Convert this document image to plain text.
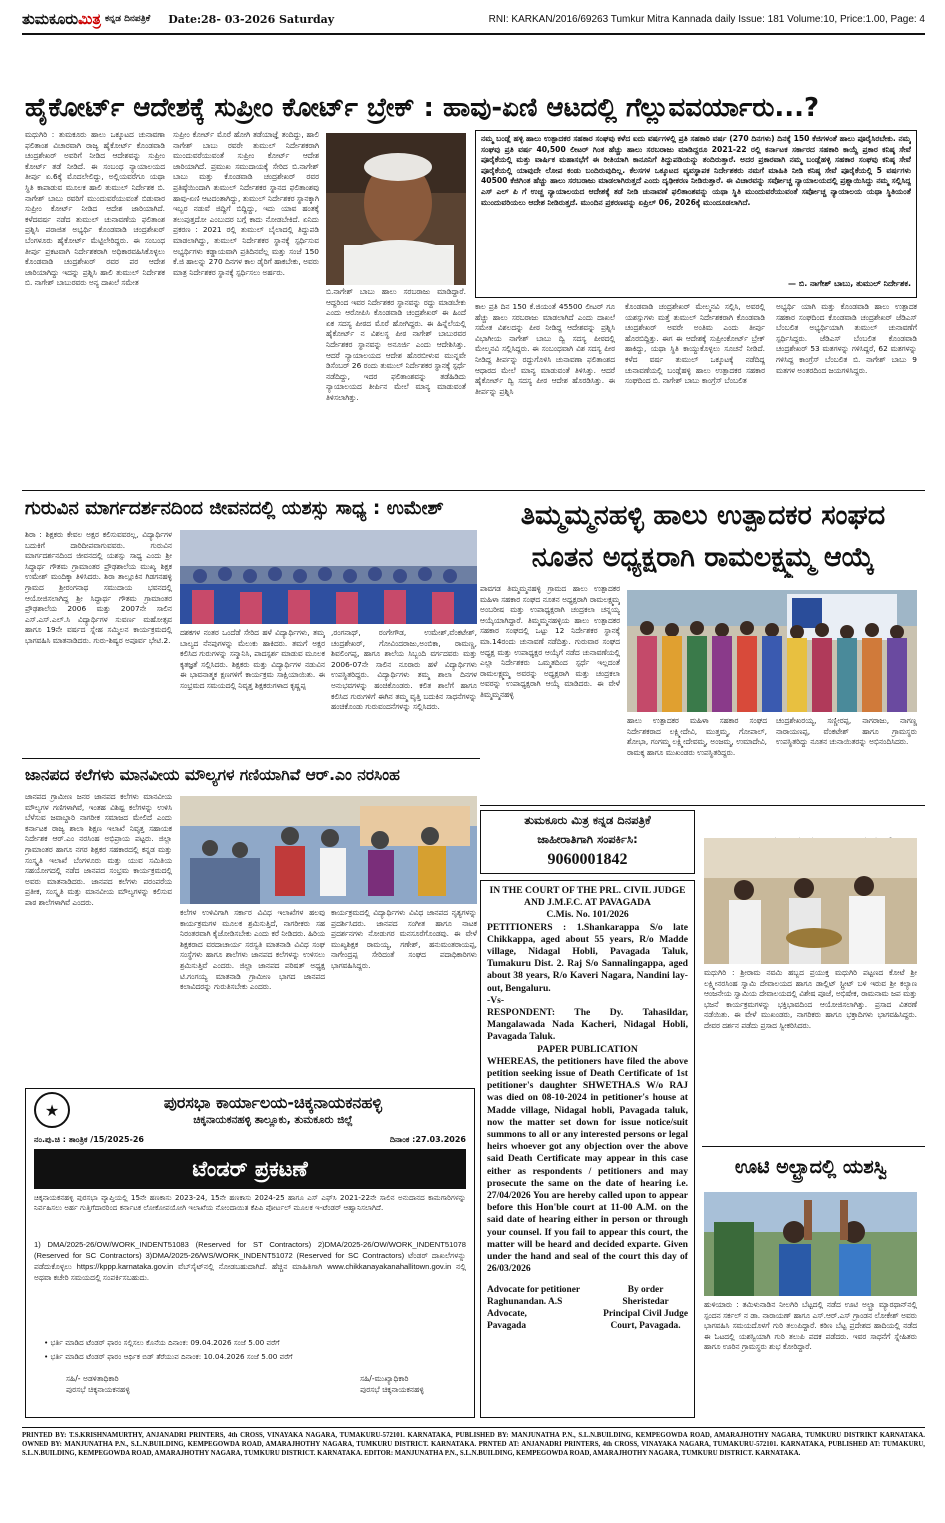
ತುಮಕೂರುಮಿತ್ರ ಕನ್ನಡ ದಿನಪತ್ರಿಕೆ Date:28- 03-2026 Saturday	RNI: KARKAN/2016/69263 Tumkur Mitra Kannada daily Issue: 181 Volume:10, Price:1.00, Page: 4
ಹೈಕೋರ್ಟ್ ಆದೇಶಕ್ಕೆ ಸುಪ್ರೀಂ ಕೋರ್ಟ್ ಬ್ರೇಕ್ : ಹಾವು-ಏಣಿ ಆಟದಲ್ಲಿ ಗೆಲ್ಲುವವರ್ಯಾರು...?
ಮಧುಗಿರಿ : ತುಮಕೂರು ಹಾಲು ಒಕ್ಕೂಟದ ಚುನಾವಣಾ ಫಲಿತಾಂಶ ವಿಚಾರವಾಗಿ ರಾಜ್ಯ ಹೈಕೋರ್ಟ್ ಕೊಂಡವಾಡಿ ಚಂದ್ರಶೇಖರ್ ಅವರಿಗೆ ನೀಡಿದ ಆದೇಶವನ್ನು ಸುಪ್ರೀಂ ಕೋರ್ಟ್ ತಡೆ ನೀಡಿದೆ. ಈ ಸಂಬಂಧ ನ್ಯಾಯಾಲಯದ ತೀರ್ಪು ಏ.6ಕ್ಕೆ ಮೊದಲೇಲಿದ್ದು, ಅಲ್ಲಿಯವರೆಗೂ ಯಥಾ ಸ್ಥಿತಿ ಕಾಪಾಡುವ ಮೂಲಕ ಹಾಲಿ ತುಮುಲ್ ನಿರ್ದೇಶಕ ಬಿ. ನಾಗೇಶ್ ಬಾಬು ರವರಿಗೆ ಮುಂದುವರೆಯುವಂತೆ ಬಿಡುವಾರ ಸುಪ್ರೀಂ ಕೋರ್ಟ್ ನೀಡಿದ ಆದೇಶ ಜಾರಿಯಾಗಿದೆ. ಕಳೆದವರ್ಷ ನಡೆದ ತುಮುಲ್ ಚುನಾವಣೆಯ ಫಲಿತಾಂಶ ಪ್ರಶ್ನಿಸಿ ಪರಾಜಿತ ಅಭ್ಯರ್ಥಿ ಕೊಂಡವಾಡಿ ಚಂದ್ರಶೇಖರ್ ಬೆಂಗಳೂರು ಹೈಕೋರ್ಟ್ ಮೆಟ್ಟಿಲೇರಿದ್ದರು. ಈ ಸಂಬಂಧ ತೀರ್ಪು ಪ್ರಕಟವಾಗಿ ನಿರ್ದೇಶಕರಾಗಿ ಅಧಿಕಾರವಹಿಸಿಕೊಳ್ಳಲು ಕೊಂಡವಾಡಿ ಚಂದ್ರಶೇಖರ್ ರವರ ಪರ ಆದೇಶ ಜಾರಿಯಾಗಿದ್ದು ಇದನ್ನು ಪ್ರಶ್ನಿಸಿ ಹಾಲಿ ತುಮುಲ್ ನಿರ್ದೇಶಕ ಬಿ. ನಾಗೇಶ್ ಬಾಬುರವರು ಅನ್ಯ ದಾಖಲೆ ಸಮೇತ
ಸುಪ್ರೀಂ ಕೋರ್ಟ್ ಮೊರೆ ಹೋಗಿ ತಡೆಯಾಜ್ಞೆ ತಂದಿದ್ದು, ಹಾಲಿ ನಾಗೇಶ್ ಬಾಬು ರವರೇ ತುಮುಲ್ ನಿರ್ದೇಶಕರಾಗಿ ಮುಂದುವರೆಯುವಂತೆ ಸುಪ್ರೀಂ ಕೋರ್ಟ್ ಆದೇಶ ಜಾರಿಯಾಗಿದೆ. ಪ್ರಮುಖ ಸಮುದಾಯಕ್ಕೆ ಸೇರಿದ ಬಿ.ನಾಗೇಶ್ ಬಾಬು ಮತ್ತು ಕೊಂಡವಾಡಿ ಚಂದ್ರಶೇಖರ್ ರವರ ಪ್ರತಿಷ್ಠೆಯಿಂದಾಗಿ ತುಮುಲ್ ನಿರ್ದೇಶಕರ ಸ್ಥಾನದ ಫಲಿತಾಂಶವು ಹಾವು-ಏಣಿ ಆಟದಂತಾಗಿದ್ದು, ತುಮುಲ್ ನಿರ್ದೇಶಕರ ಸ್ಥಾನಕ್ಕಾಗಿ ಇಬ್ಬರ ನಡುವೆ ಜಿದ್ದಿಗೆ ಬಿದ್ದಿದ್ದು, ಇದು ಯಾವ ಹಂತಕ್ಕೆ ತಲುಪುತ್ತದೋ ಎಂಬುದರ ಬಗ್ಗೆ ಕಾದು ನೋಡಬೇಕಿದೆ. ಏನಿದು ಪ್ರಕರಣ : 2021 ರಲ್ಲಿ ತುಮುಲ್ ಬೈಲಾದಲ್ಲಿ ತಿದ್ದುಪಡಿ ಮಾಡಲಾಗಿದ್ದು, ತುಮುಲ್ ನಿರ್ದೇಶಕರ ಸ್ಥಾನಕ್ಕೆ ಸ್ಪರ್ಧಿಸುವ ಅಭ್ಯರ್ಥಿಗಳು ಕಡ್ಡಾಯವಾಗಿ ಪ್ರತಿದಿನವೆಲ್ಲ ಮತ್ತು ಸಂಜೆ 150 ಕೆ.ಜಿ ಹಾಲನ್ನು 270 ದಿನಗಳ ಕಾಲ ಡೈರಿಗೆ ಹಾಕಬೇಕು, ಅವರು ಮಾತ್ರ ನಿರ್ದೇಶಕರ ಸ್ಥಾನಕ್ಕೆ ಸ್ಪರ್ಧಿಸಲು ಅರ್ಹರು.
ಬಿ.ನಾಗೇಶ್ ಬಾಬು ಹಾಲು ಸರಬರಾಜು ಮಾಡಿದ್ದಾರೆ. ಆದ್ದರಿಂದ ಇವರ ನಿರ್ದೇಶಕರ ಸ್ಥಾನವನ್ನು ರದ್ದು ಮಾಡಬೇಕು ಎಂದು ಆರೋಪಿಸಿ ಕೊಂಡವಾಡಿ ಚಂದ್ರಶೇಖರ್ ಈ ಹಿಂದೆ ಏಕ ಸದಸ್ಯ ಪೀಠದ ಮೊರೆ ಹೋಗಿದ್ದರು. ಈ ಹಿನ್ನೆಲೆಯಲ್ಲಿ ಹೈಕೋರ್ಟ್ ನ ವಿಶಲಸ್ಥ ಪೀಠ ನಾಗೇಶ್ ಬಾಬುರವರ ನಿರ್ದೇಶಕರ ಸ್ಥಾನವನ್ನು ಅನೂರ್ಜಿ ಎಂದು ಆದೇಶಿಸಿತ್ತು. ಆದರೆ ನ್ಯಾಯಾಲಯದ ಆದೇಶ ಹೊರಬೀಳುವ ಮುನ್ನವೇ ಡಿಸೆಂಬರ್ 26 ರಂದು ತುಮುಲ್ ನಿರ್ದೇಶಕರ ಸ್ಥಾನಕ್ಕೆ ಸ್ಪರ್ಧೆ ನಡೆದಿದ್ದು, ಇದರ ಫಲಿತಾಂಶವನ್ನು ತಡೆಹಿಡಿದು ನ್ಯಾಯಾಲಯದ ತೀರ್ಪಿನ ಮೇಲೆ ಮಾನ್ಯ ಮಾಡುವಂತೆ ತಿಳಿಸಲಾಗಿತ್ತು.
ನಮ್ಮ ಬಂಡ್ಲೆ ಹಳ್ಳಿ ಹಾಲು ಉತ್ಪಾದಕರ ಸಹಕಾರ ಸಂಘವು ಕಳೆದ ಐದು ವರ್ಷಗಳಲ್ಲಿ ಪ್ರತಿ ಸಹಕಾರಿ ವರ್ಷ (270 ದಿನಗಳು) ದಿನಕ್ಕೆ 150 ಕೆಜಿಗಳಂತೆ ಹಾಲು ಪೂರೈಸಿರಬೇಕು. ನಮ್ಮ ಸಂಘವು ಪ್ರತಿ ವರ್ಷ 40,500 ಲೀಟರ್ ಗಿಂತ ಹೆಚ್ಚು ಹಾಲು ಸರಬರಾಜು ಮಾಡಿದ್ದರೂ 2021-22 ರಲ್ಲಿ ಕರ್ನಾಟಕ ಸರ್ಕಾರದ ಸಹಕಾರಿ ಕಾಯ್ದೆ ಪ್ರಕಾರ ಕನಿಷ್ಠ ಸೇವೆ ಪೂರೈಕೆಯಲ್ಲಿ ಮತ್ತು ವಾರ್ಷಿಕ ಮಹಾಸಭೆಗೆ ಈ ರೀತಿಯಾಗಿ ಕಾನೂನಿಗೆ ತಿದ್ದುಪಡಿಯನ್ನು ತಂದಿರುತ್ತಾರೆ. ಅದರ ಪ್ರಕಾರವಾಗಿ ನಮ್ಮ ಬಂಡ್ಲೆಹಳ್ಳಿ ಸಹಕಾರ ಸಂಘವು ಕನಿಷ್ಠ ಸೇವೆ ಪೂರೈಕೆಯಲ್ಲಿ ಯಾವುದೇ ಲೋಪ ಕಂಡು ಬಂದಿರುವುದಿಲ್ಲ. ಕೆಲಸಗಳ ಒಕ್ಕೂಟದ ವ್ಯವಸ್ಥಾಪಕ ನಿರ್ದೇಶಕರು ನಮಗೆ ಮಾಹಿತಿ ನೀಡಿ ಕನಿಷ್ಠ ಸೇವೆ ಪೂರೈಕೆಯಲ್ಲಿ 5 ವರ್ಷಗಳು 40500 ಕೆಜಿಗಿಂತ ಹೆಚ್ಚು ಹಾಲು ಸರಬರಾಜು ಮಾಡಲಾಗಿರುತ್ತದೆ ಎಂದು ದೃಢೀಕರಣ ನೀಡಿರುತ್ತಾರೆ. ಈ ವಿಚಾರವನ್ನು ಸರ್ವೋಚ್ಚ ನ್ಯಾಯಾಲಯದಲ್ಲಿ ಪ್ರಶ್ನಾಯಿಸಿದ್ದು ನಮ್ಮ ಸಲ್ಲಿಸಿದ್ದ ಎಸ್ ಎಲ್ ಪಿ ಗೆ ಉಚ್ಚ ನ್ಯಾಯಾಲಯದ ಆದೇಶಕ್ಕೆ ತಡೆ ನೀಡಿ ಚುನಾವಣೆ ಫಲಿತಾಂಶವನ್ನು ಯಥಾ ಸ್ಥಿತಿ ಮುಂದುವರೆಯುವಂತೆ ಸರ್ವೋಚ್ಚ ನ್ಯಾಯಾಲಯ ಯಥಾ ಸ್ಥಿತಿಯಂತೆ ಮುಂದುವರಿಯಲು ಆದೇಶ ನೀಡಿರುತ್ತದೆ. ಮುಂದಿನ ಪ್ರಕರಣವನ್ನು ಏಪ್ರಿಲ್ 06, 2026ಕ್ಕೆ ಮುಂದೂಡಲಾಗಿದೆ.
— ಬಿ. ನಾಗೇಶ್ ಬಾಬು, ತುಮುಲ್ ನಿರ್ದೇಶಕ.
ಕಾಲ ಪ್ರತಿ ದಿನ 150 ಕೆ.ಜಿಯಂತೆ 45500 ಲೀಟರ್ ಗೂ ಹೆಚ್ಚು ಹಾಲು ಸರಬರಾಜು ಮಾಡಲಾಗಿದೆ ಎಂದು ದಾಖಲೆ ಸಮೇತ ವಿಶಲದನ್ನು ಪೀಠ ನೀಡಿದ್ದ ಆದೇಶವನ್ನು ಪ್ರಶ್ನಿಸಿ ವಿಭಾಗೀಯ ನಾಗೇಶ್ ಬಾಬು ದ್ವಿ ಸದಸ್ಯ ಪೀಠದಲ್ಲಿ ಮೇಲ್ಮನವಿ ಸಲ್ಲಿಸಿದ್ದರು. ಈ ಸಂಬಂಧವಾಗಿ ವಿಶ ಸದಸ್ಯ ಪೀಠ ನೀಡಿದ್ದ ತೀರ್ಪನ್ನು ರದ್ದುಗೊಳಿಸಿ ಚುನಾವಣಾ ಫಲಿತಾಂಶದ ಆಧಾರದ ಮೇಲೆ ಮಾನ್ಯ ಮಾಡುವಂತೆ ತಿಳಿಸಿತ್ತು. ಆದರೆ ಹೈಕೋರ್ಟ್ ದ್ವಿ ಸದಸ್ಯ ಪೀಠ ಆದೇಶ ಹೊರಡಿಸಿತ್ತು. ಈ ತೀರ್ಪನ್ನು ಪ್ರಶ್ನಿಸಿ
ಕೊಂಡವಾಡಿ ಚಂದ್ರಶೇಖರ್ ಮೇಲ್ಮನವಿ ಸಲ್ಲಿಸಿ, ಅವರಲ್ಲಿ ಯಶಸ್ಸುಗಳು ಮತ್ತೆ ತುಮುಲ್ ನಿರ್ದೇಶಕರಾಗಿ ಕೊಂಡವಾಡಿ ಚಂದ್ರಶೇಖರ್ ಅವರೇ ಅಂತಿಮ ಎಂದು ತೀರ್ಪು ಹೊರಬಿದ್ದಿತ್ತು. ಈಗ ಈ ಆದೇಶಕ್ಕೆ ಸುಪ್ರೀಂಕೋರ್ಟ್ ಬ್ರೇಕ್ ಹಾಕಿದ್ದು, ಯಥಾ ಸ್ಥಿತಿ ಕಾಯ್ದುಕೊಳ್ಳಲು ಸೂಚನೆ ನೀಡಿದೆ. ಕಳೆದ ವರ್ಷ ತುಮುಲ್ ಒಕ್ಕೂಟಕ್ಕೆ ನಡೆದಿದ್ದ ಚುನಾವಣೆಯಲ್ಲಿ ಬಂಡ್ಲೆಹಳ್ಳಿ ಹಾಲು ಉತ್ಪಾದಕರ ಸಹಕಾರ ಸಂಘದಿಂದ ಬಿ. ನಾಗೇಶ್ ಬಾಬು ಕಾಂಗ್ರೆಸ್ ಬೆಂಬಲಿತ
ಅಭ್ಯರ್ಥಿ ಯಾಗಿ ಮತ್ತು ಕೊಂಡವಾಡಿ ಹಾಲು ಉತ್ಪಾದಕ ಸಹಕಾರ ಸಂಘದಿಂದ ಕೊಂಡವಾಡಿ ಚಂದ್ರಶೇಖರ್ ಜೆಡಿಎಸ್ ಬೆಂಬಲಿತ ಅಭ್ಯರ್ಥಿಯಾಗಿ ತುಮುಲ್ ಚುನಾವಣೆಗೆ ಸ್ಪರ್ಧಿಸಿದ್ದರು. ಜೆಡಿಎಸ್ ಬೆಂಬಲಿತ ಕೊಂಡವಾಡಿ ಚಂದ್ರಶೇಖರ್ 53 ಮತಗಳನ್ನು ಗಳಿಸಿದ್ದರೆ, 62 ಮತಗಳನ್ನು ಗಳಿಸಿದ್ದ ಕಾಂಗ್ರೆಸ್ ಬೆಂಬಲಿತ ಬಿ. ನಾಗೇಶ್ ಬಾಬು 9 ಮತಗಳ ಅಂತರದಿಂದ ಜಯಗಳಿಸಿದ್ದರು.
ಗುರುವಿನ ಮಾರ್ಗದರ್ಶನದಿಂದ ಜೀವನದಲ್ಲಿ ಯಶಸ್ಸು ಸಾಧ್ಯ : ಉಮೇಶ್
ಶಿರಾ : ಶಿಕ್ಷಕರು ಕೇವಲ ಅಕ್ಷರ ಕಲಿಸುವವರಲ್ಲ, ವಿದ್ಯಾರ್ಥಿಗಳ ಬದುಕಿಗೆ ದಾರಿದೀಪವಾಗುವವರು. ಗುರುವಿನ ಮಾರ್ಗದರ್ಶನದಿಂದ ಜೀವನದಲ್ಲಿ ಯಶಸ್ಸು ಸಾಧ್ಯ ಎಂದು ಶ್ರೀ ಸಿದ್ಧಾರ್ಥ ಗೌತಮ ಗ್ರಾಮಾಂತರ ಪ್ರೌಢಶಾಲೆಯ ಮುಖ್ಯ ಶಿಕ್ಷಕ ಉಮೇಶ್ ಮಂದಿಕ್ಕಾ ತಿಳಿಸಿದರು. ಶಿರಾ ತಾಲ್ಲೂಕಿನ ಗಿಡಗನಹಳ್ಳಿ ಗ್ರಾಮದ ಶ್ರೀರಂಗನಾಥ ಸಮುದಾಯ ಭವನದಲ್ಲಿ ಆಯೋಜಿಸಲಾಗಿದ್ದ ಶ್ರೀ ಸಿದ್ಧಾರ್ಥ ಗೌತಮ ಗ್ರಾಮಾಂತರ ಪ್ರೌಢಶಾಲೆಯ 2006 ಮತ್ತು 2007ನೇ ಸಾಲಿನ ಎಸ್.ಎಸ್.ಎಲ್.ಸಿ ವಿದ್ಯಾರ್ಥಿಗಳ ಸುವರ್ಣ ಮಹೋತ್ಸವ ಹಾಗೂ 19ನೇ ವರ್ಷದ ಸ್ನೇಹ ಸಮ್ಮಿಲನ ಕಾರ್ಯಕ್ರಮದಲ್ಲಿ ಭಾಗವಹಿಸಿ ಮಾತನಾಡಿದರು. ಗುರು-ಶಿಷ್ಯರ ಅಪೂರ್ವ ಭೇಟಿ.2.
ದಶಕಗಳ ನಂತರ ಒಂದೆಡೆ ಸೇರಿದ ಹಳೆ ವಿದ್ಯಾರ್ಥಿಗಳು, ತಮ್ಮ ಬಾಲ್ಯದ ನೆನಪುಗಳನ್ನು ಮೆಲುಕು ಹಾಕಿದರು. ತಮಗೆ ಅಕ್ಷರ ಕಲಿಸಿದ ಗುರುಗಳನ್ನು ಸನ್ಮಾನಿಸಿ, ಪಾದಸ್ಪರ್ಶ ಮಾಡುವ ಮೂಲಕ ಕೃತಜ್ಞತೆ ಸಲ್ಲಿಸಿದರು. ಶಿಕ್ಷಕರು ಮತ್ತು ವಿದ್ಯಾರ್ಥಿಗಳ ನಡುವಿನ ಈ ಭಾವನಾತ್ಮಕ ಕ್ಷಣಗಳಿಗೆ ಕಾರ್ಯಕ್ರಮ ಸಾಕ್ಷಿಯಾಯಿತು. ಈ ಸಂಭ್ರಮದ ಸಮಯದಲ್ಲಿ ನಿವೃತ್ತ ಶಿಕ್ಷಕರುಗಳಾದ ಕೃಷ್ಣಪ್ಪ
,ರಂಗನಾಥ್, ರಂಗೇಗೌಡ, ಉಮೇಶ್,ವೆಂಕಟೇಶ್, ಚಂದ್ರಶೇಖರ್, ಗೋವಿಂದರಾಜು,ಅಂಬಿಕಾ, ರಾಮಣ್ಣ, ಶಿವಲಿಂಗಪ್ಪ, ಹಾಗೂ ಶಾಲೆಯ ಸಿಬ್ಬಂದಿ ವರ್ಗದವರು ಮತ್ತು 2006-07ನೇ ಸಾಲಿನ ನೂರಾರು ಹಳೆ ವಿದ್ಯಾರ್ಥಿಗಳು ಉಪಸ್ಥಿತರಿದ್ದರು. ವಿದ್ಯಾರ್ಥಿಗಳು ತಮ್ಮ ಶಾಲಾ ದಿನಗಳ ಅನುಭವಗಳನ್ನು ಹಂಚಿಕೊಂಡರು. ಕಲಿತ ಶಾಲೆಗೆ ಹಾಗೂ ಕಲಿಸಿದ ಗುರುಗಳಿಗೆ ಈಗಿನ ತಮ್ಮ ವೃತ್ತಿ ಬದುಕಿನ ಸಾಧನೆಗಳನ್ನು ಹಂಚಿಕೊಂಡು ಗುರುವಂದನೆಗಳನ್ನು ಸಲ್ಲಿಸಿದರು.
ಜಾನಪದ ಕಲೆಗಳು ಮಾನವೀಯ ಮೌಲ್ಯಗಳ ಗಣಿಯಾಗಿವೆ ಆರ್.ಎಂ ನರಸಿಂಹ
ಜಾನಪದ ಗ್ರಾಮೀಣ ಜನರ ಜಾನಪದ ಕಲೆಗಳು ಮಾನವೀಯ ಮೌಲ್ಯಗಳ ಗಣಿಗಳಾಗಿವೆ, ಇಂತಹ ವಿಶಿಷ್ಟ ಕಲೆಗಳನ್ನು ಉಳಿಸಿ ಬೆಳೆಸುವ ಜವಾಬ್ದಾರಿ ನಾಗರೀಕ ಸಮಾಜದ ಮೇಲಿದೆ ಎಂದು ಕರ್ನಾಟಕ ರಾಜ್ಯ ಶಾಲಾ ಶಿಕ್ಷಣ ಇಲಾಖೆ ನಿವೃತ್ತ ಸಹಾಯಕ ನಿರ್ದೇಶಕ ಆರ್.ಎಂ ನರಸಿಂಹ ಅಭಿಪ್ರಾಯ ಪಟ್ಟರು. ಜಿಲ್ಲಾ ಗ್ರಾಮಾಂತರ ಹಾಗೂ ನಗರ ಶಿಕ್ಷಕರ ಸಹಕಾರದಲ್ಲಿ ಕನ್ನಡ ಮತ್ತು ಸಂಸ್ಕೃತಿ ಇಲಾಖೆ ಬೆಂಗಳೂರು ಮತ್ತು ಯುವ ಸಮಿತಿಯ ಸಹಯೋಗದಲ್ಲಿ ನಡೆದ ಜಾನಪದ ಸಂಭ್ರಮ ಕಾರ್ಯಕ್ರಮದಲ್ಲಿ ಅವರು ಮಾತನಾಡಿದರು. ಜಾನಪದ ಕಲೆಗಳು ಪರಂಪರೆಯ ಪ್ರತೀಕ, ಸಂಸ್ಕೃತಿ ಮತ್ತು ಮಾನವೀಯ ಮೌಲ್ಯಗಳನ್ನು ಕಲಿಸುವ ಪಾಠ ಶಾಲೆಗಳಾಗಿವೆ ಎಂದರು.
ಕಲೆಗಳ ಉಳಿವಿಗಾಗಿ ಸರ್ಕಾರ ವಿವಿಧ ಇಲಾಖೆಗಳ ಹಲವು ಕಾರ್ಯಕ್ರಮಗಳ ಮೂಲಕ ಶ್ರಮಿಸುತ್ತಿದೆ, ನಾಗರೀಕರು ಸಹ ನಿರಂತರವಾಗಿ ಕೈಜೋಡಿಸಬೇಕು ಎಂದು ಕರೆ ನೀಡಿದರು. ಹಿರಿಯ ಶಿಕ್ಷಕರಾದ ವರದಾಚಾರ್ಯ ಸರಸ್ವತಿ ಮಾತನಾಡಿ ವಿವಿಧ ಸಂಘ ಸಂಸ್ಥೆಗಳು ಹಾಗೂ ಶಾಲೆಗಳು ಜಾನಪದ ಕಲೆಗಳನ್ನು ಉಳಿಸಲು ಶ್ರಮಿಸುತ್ತಿವೆ ಎಂದರು. ಜಿಲ್ಲಾ ಜಾನಪದ ಪರಿಷತ್ ಅಧ್ಯಕ್ಷ ಟಿ.ಗಂಗಯ್ಯ ಮಾತನಾಡಿ ಗ್ರಾಮೀಣ ಭಾಗದ ಜಾನಪದ ಕಲಾವಿದರನ್ನು ಗುರುತಿಸಬೇಕು ಎಂದರು.
ಕಾರ್ಯಕ್ರಮದಲ್ಲಿ ವಿದ್ಯಾರ್ಥಿಗಳು ವಿವಿಧ ಜಾನಪದ ನೃತ್ಯಗಳನ್ನು ಪ್ರದರ್ಶಿಸಿದರು. ಜಾನಪದ ಸಂಗೀತ ಹಾಗೂ ನಾಟಕ ಪ್ರದರ್ಶನಗಳು ನೋಡುಗರ ಮನಸೂರೆಗೊಂಡವು. ಈ ವೇಳೆ ಮುಖ್ಯಶಿಕ್ಷಕ ರಾಮಯ್ಯ, ಗಣೇಶ್, ಹನುಮಂತರಾಯಪ್ಪ, ನಾಗೇಂದ್ರಪ್ಪ ಸೇರಿದಂತೆ ಸಂಘದ ಪದಾಧಿಕಾರಿಗಳು ಭಾಗವಹಿಸಿದ್ದರು.
ತಿಮ್ಮಮ್ಮನಹಳ್ಳಿ ಹಾಲು ಉತ್ಪಾದಕರ ಸಂಘದ
ನೂತನ ಅಧ್ಯಕ್ಷರಾಗಿ ರಾಮಲಕ್ಷ್ಮಮ್ಮ ಆಯ್ಕೆ
ಪಾವಗಡ ತಿಮ್ಮಮ್ಮನಹಳ್ಳಿ ಗ್ರಾಮದ ಹಾಲು ಉತ್ಪಾದಕರ ಮಹಿಳಾ ಸಹಕಾರ ಸಂಘದ ನೂತನ ಅಧ್ಯಕ್ಷರಾಗಿ ರಾಮಲಕ್ಷ್ಮಮ್ಮ ಅಂಬರೀಷ ಮತ್ತು ಉಪಾಧ್ಯಕ್ಷರಾಗಿ ಚಂದ್ರಕಲಾ ಚನ್ನಯ್ಯ ಆಯ್ಕೆಯಾಗಿದ್ದಾರೆ. ತಿಮ್ಮಮ್ಮನಹಳ್ಳಿಯ ಹಾಲು ಉತ್ಪಾದಕರ ಸಹಕಾರ ಸಂಘದಲ್ಲಿ ಒಟ್ಟು 12 ನಿರ್ದೇಶಕರ ಸ್ಥಾನಕ್ಕೆ ಮಾ.14ರಂದು ಚುನಾವಣೆ ನಡೆದಿತ್ತು. ಗುರುವಾರ ಸಂಘದ ಅಧ್ಯಕ್ಷ ಮತ್ತು ಉಪಾಧ್ಯಕ್ಷರ ಆಯ್ಕೆಗೆ ನಡೆದ ಚುನಾವಣೆಯಲ್ಲಿ ಎಲ್ಲಾ ನಿರ್ದೇಶಕರು ಒಮ್ಮತದಿಂದ ಸ್ಪರ್ಧೆ ಇಲ್ಲದಂತೆ ರಾಮಲಕ್ಷ್ಮಮ್ಮ ಅವರನ್ನು ಅಧ್ಯಕ್ಷರಾಗಿ ಮತ್ತು ಚಂದ್ರಕಲಾ ಅವರನ್ನು ಉಪಾಧ್ಯಕ್ಷರಾಗಿ ಆಯ್ಕೆ ಮಾಡಿದರು. ಈ ವೇಳೆ ತಿಮ್ಮಮ್ಮನಹಳ್ಳಿ
ಹಾಲು ಉತ್ಪಾದಕರ ಮಹಿಳಾ ಸಹಕಾರ ಸಂಘದ ನಿರ್ದೇಶಕರಾದ ಲಕ್ಷ್ಮೀದೇವಿ, ಮುತ್ತಮ್ಮ, ಗೋಪಾಲ್, ಶೋಭಾ, ಗಂಗಮ್ಮ ಲಕ್ಷ್ಮೀದೇವಮ್ಮ, ಅಂಜಮ್ಮ, ಉಮಾದೇವಿ, ರಾಮಕ್ಕ ಹಾಗೂ ಮುಖಂಡರು ಉಪಸ್ಥಿತರಿದ್ದರು.
ಚಂದ್ರಶೇಖರಯ್ಯ, ಸಣ್ಣೀರಪ್ಪ, ನಾಗರಾಜು, ನಾಗಣ್ಣ ನಾರಾಯಣಪ್ಪ, ವೆಂಕಟೇಶ್ ಹಾಗೂ ಗ್ರಾಮಸ್ಥರು ಉಪಸ್ಥಿತರಿದ್ದು ನೂತನ ಚುನಾಯಿತರನ್ನು ಅಭಿನಂದಿಸಿದರು.
ತುಮಕೂರು ಮಿತ್ರ ಕನ್ನಡ ದಿನಪತ್ರಿಕೆ
ಜಾಹೀರಾತಿಗಾಗಿ ಸಂಪರ್ಕಿಸಿ:
9060001842
IN THE COURT OF THE PRL. CIVIL JUDGE AND J.M.F.C. AT PAVAGADA
C.Mis. No. 101/2026
PETITIONERS : 1.Shankarappa S/o late Chikkappa, aged about 55 years, R/o Madde village, Nidagal Hobli, Pavagada Taluk, Tumakuru Dist. 2. Raj S/o Sannalingappa, aged about 38 years, R/o Kaveri Nagara, Nandini lay-out, Bengaluru.
-Vs-
RESPONDENT: The Dy. Tahasildar, Mangalawada Nada Kacheri, Nidagal Hobli, Pavagada Taluk.
PAPER PUBLICATION
WHEREAS, the petitioners have filed the above petition seeking issue of Death Certificate of 1st petitioner's daughter SHWETHA.S W/o RAJ was died on 08-10-2024 in petitioner's house at Madde village, Nidagal hobli, Pavagada taluk, now the matter set down for issue notice/suit summons to all or any interested persons or legal heirs whoever got any objection over the above said Death Certificate may appear in this case either as respondents / petitioners and may prosecute the same on the date of hearing i.e. 27/04/2026 You are hereby called upon to appear before this Hon'ble court at 11-00 A.M. on the said date of hearing either in person or through your counsel. If you fail to appear this court, the matter will be heard and decided exparte. Given under the hand and seal of the court this day of 26/03/2026
Advocate for petitioner
Raghunandan. A.S
Advocate,
Pavagada
By order
Sheristedar
Principal Civil Judge
Court, Pavagada.
ಮಧುಗಿರಿ : ಶ್ರೀರಾಮ ನವಮಿ ಹಬ್ಬದ ಪ್ರಯುಕ್ತ ಮಧುಗಿರಿ ಪಟ್ಟಣದ ಕೋಟೆ ಶ್ರೀ ಲಕ್ಷ್ಮೀನರಸಿಂಹ ಸ್ವಾಮಿ ದೇವಾಲಯದ ಹಾಗೂ ಡಾಲ್ಲಿಟ್ ಸ್ಟ್ರೀಟ್ ಬಳಿ ಇರುವ ಶ್ರೀ ಕಲ್ಯಾಣ ಆಂಜನೇಯ ಸ್ವಾಮಿಯ ದೇವಾಲಯದಲ್ಲಿ ವಿಶೇಷ ಪೂಜೆ, ಅಭಿಷೇಕ, ರಾಮನಾಮ ಜಪ ಮತ್ತು ಭಜನೆ ಕಾರ್ಯಕ್ರಮಗಳನ್ನು ಭಕ್ತಿಭಾವದಿಂದ ಆಯೋಜಿಸಲಾಗಿತ್ತು. ಪ್ರಸಾದ ವಿತರಣೆ ನಡೆಯಿತು. ಈ ವೇಳೆ ಮುಖಂಡರು, ನಾಗರಿಕರು ಹಾಗೂ ಭಕ್ತಾದಿಗಳು ಭಾಗವಹಿಸಿದ್ದರು. ದೇವರ ದರ್ಶನ ಪಡೆದು ಪ್ರಸಾದ ಸ್ವೀಕರಿಸಿದರು.
ಊಟಿ ಅಲ್ಟ್ರಾದಲ್ಲಿ ಯಶಸ್ವಿ
ಹುಳಿಯಾರು : ತಮಿಳುನಾಡಿನ ನೀಲಗಿರಿ ಬೆಟ್ಟದಲ್ಲಿ ನಡೆದ ಊಟಿ ಅಲ್ಟ್ರಾ ಮ್ಯಾರಥಾನ್‌ನಲ್ಲಿ ಸ್ಪಂದನ ಸರ್ಕಲ್ ನ ಡಾ. ನಾರಾಯಣ್ ಹಾಗೂ ಎಸ್.ಆರ್.ಎಸ್ ಗ್ರಾಂಡನ ಲೋಕೇಶ್ ಅವರು ಭಾಗವಹಿಸಿ ಸಮಯದೊಳಗೆ ಗುರಿ ತಲುಪಿದ್ದಾರೆ. ಕಠಿಣ ಬೆಟ್ಟ ಪ್ರದೇಶದ ಹಾದಿಯಲ್ಲಿ ನಡೆದ ಈ ಓಟದಲ್ಲಿ ಯಶಸ್ವಿಯಾಗಿ ಗುರಿ ತಲುಪಿ ಪದಕ ಪಡೆದರು. ಇವರ ಸಾಧನೆಗೆ ಸ್ನೇಹಿತರು ಹಾಗೂ ಊರಿನ ಗ್ರಾಮಸ್ಥರು ಶುಭ ಕೋರಿದ್ದಾರೆ.
★	ಪುರಸಭಾ ಕಾರ್ಯಾಲಯ-ಚಿಕ್ಕನಾಯಕನಹಳ್ಳಿ
ಚಿಕ್ಕನಾಯಕನಹಳ್ಳಿ ತಾಲ್ಲೂಕು, ತುಮಕೂರು ಜಿಲ್ಲೆ
ನಂ.ಪು.ಚಿ : ತಾಂತ್ರಿಕ /15/2025-26	ದಿನಾಂಕ :27.03.2026
ಟೆಂಡರ್ ಪ್ರಕಟಣೆ
ಚಿಕ್ಕನಾಯಕನಹಳ್ಳಿ ಪುರಸಭಾ ವ್ಯಾಪ್ತಿಯಲ್ಲಿ 15ನೇ ಹಣಕಾಸು 2023-24, 15ನೇ ಹಣಕಾಸು 2024-25 ಹಾಗೂ ಎಸ್ ಎಫ್‌ಸಿ 2021-22ನೇ ಸಾಲಿನ ಅನುದಾನದ ಕಾಮಗಾರಿಗಳನ್ನು ನಿರ್ವಹಿಸಲು ಅರ್ಹ ಗುತ್ತಿಗೆದಾರರಿಂದ ಕರ್ನಾಟಕ ಲೋಕೋಪಯೋಗಿ ಇಲಾಖೆಯ ನೋಂದಾಯಿತ ಕೆಪಿಪಿ ಪೋರ್ಟಲ್ ಮೂಲಕ ಇ-ಟೆಂಡರ್ ಆಹ್ವಾನಿಸಲಾಗಿದೆ.
1) DMA/2025-26/OW/WORK_INDENT51083 (Reserved for ST Contractors) 2)DMA/2025-26/OW/WORK_INDENT51078 (Reserved for SC Contractors) 3)DMA/2025-26/WS/WORK_INDENT51072 (Reserved for SC Contractors) ಟೆಂಡರ್ ದಾಖಲೆಗಳನ್ನು ಪಡೆದುಕೊಳ್ಳಲು https://kppp.karnataka.gov.in ವೆಬ್‌ಸೈಟ್‌ನಲ್ಲಿ ನೋಡಬಹುದಾಗಿದೆ. ಹೆಚ್ಚಿನ ಮಾಹಿತಿಗಾಗಿ www.chikkanayakanahallitown.gov.in ನಲ್ಲಿ ಅಥವಾ ಕಚೇರಿ ಸಮಯದಲ್ಲಿ ಸಂಪರ್ಕಿಸಬಹುದು.
• ಭರ್ತಿ ಮಾಡಿದ ಟೆಂಡರ್ ಫಾರಂ ಸಲ್ಲಿಸಲು ಕೊನೆಯ ದಿನಾಂಕ: 09.04.2026 ಸಂಜೆ 5.00 ವರೆಗೆ
• ಭರ್ತಿ ಮಾಡಿದ ಟೆಂಡರ್ ಫಾರಂ ಆರ್ಥಿಕ ಬಿಡ್ ತೆರೆಯುವ ದಿನಾಂಕ: 10.04.2026 ಸಂಜೆ 5.00 ವರೆಗೆ
ಸಹಿ/- ಅಡಳಿತಾಧಿಕಾರಿ
ಪುರಸಭೆ ಚಿಕ್ಕನಾಯಕನಹಳ್ಳಿ
ಸಹಿ/-ಮುಖ್ಯಾಧಿಕಾರಿ
ಪುರಸಭೆ ಚಿಕ್ಕನಾಯಕನಹಳ್ಳಿ
PRINTED BY: T.S.KRISHNAMURTHY, ANJANADRI PRINTERS, 4th CROSS, VINAYAKA NAGARA, TUMAKURU-572101. KARNATAKA, PUBLISHED BY: MANJUNATHA P.N., S.L.N.BUILDING, KEMPEGOWDA ROAD, AMARAJHOTHY NAGARA, TUMKURU DISTRIKT KARNATAKA. OWNED BY: MANJUNATHA P.N., S.L.N.BUILDING, KEMPEGOWDA ROAD, AMARAJHOTHY NAGARA, TUMKURU DISTRICT. KARNATAKA. PRNTED AT: ANJANADRI PRINTERS, 4th CROSS, VINAYAKA NAGARA, TUMAKURU-572101. KARNATAKA, PUBLISHED AT: TUMAKURU, S.L.N.BUILDING, KEMPEGOWDA ROAD, AMARAJHOTHY NAGARA, TUMKURU DISTRICT. KARNATAKA. EDITOR: MANJUNATHA P.N., S.L.N.BUILDING, KEMPEGOWDA ROAD, AMARAJHOTHY NAGARA, TUMKURU DISTRICT. KARNATAKA.
